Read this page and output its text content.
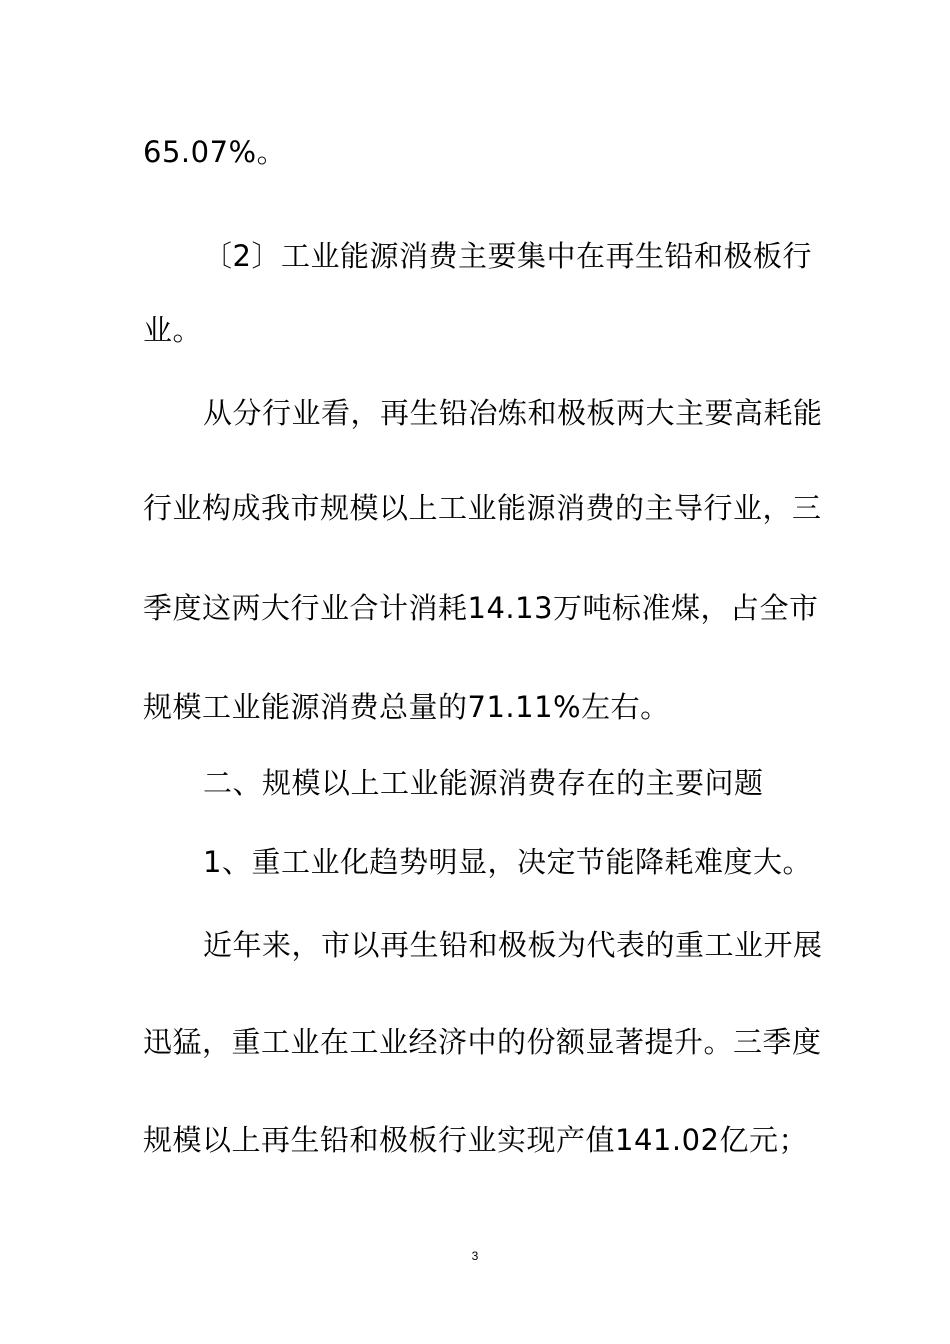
65.07%。
〔2〕工业能源消费主要集中在再生铅和极板行
业。
从分行业看，再生铅冶炼和极板两大主要高耗能
行业构成我市规模以上工业能源消费的主导行业，三
季度这两大行业合计消耗14.13万吨标准煤，占全市
规模工业能源消费总量的71.11%左右。
二、规模以上工业能源消费存在的主要问题
1、重工业化趋势明显，决定节能降耗难度大。
近年来，市以再生铅和极板为代表的重工业开展
迅猛，重工业在工业经济中的份额显著提升。三季度
规模以上再生铅和极板行业实现产值141.02亿元；
3
